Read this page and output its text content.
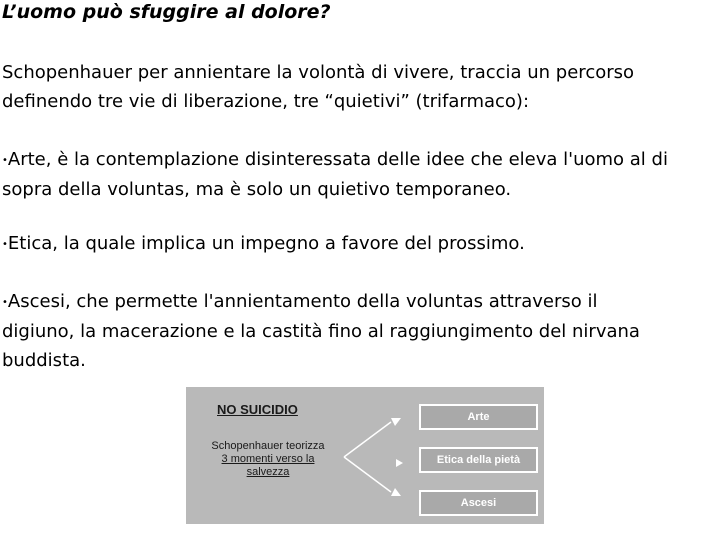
L’uomo può sfuggire al dolore?
Schopenhauer per annientare la volontà di vivere, traccia un percorso
definendo tre vie di liberazione, tre “quietivi” (trifarmaco):
•Arte, è la contemplazione disinteressata delle idee che eleva l'uomo al di
sopra della voluntas, ma è solo un quietivo temporaneo.
•Etica, la quale implica un impegno a favore del prossimo.
•Ascesi, che permette l'annientamento della voluntas attraverso il
digiuno, la macerazione e la castità fino al raggiungimento del nirvana
buddista.
NO SUICIDIO
Schopenhauer teorizza
3 momenti verso la
salvezza
Arte
Etica della pietà
Ascesi
